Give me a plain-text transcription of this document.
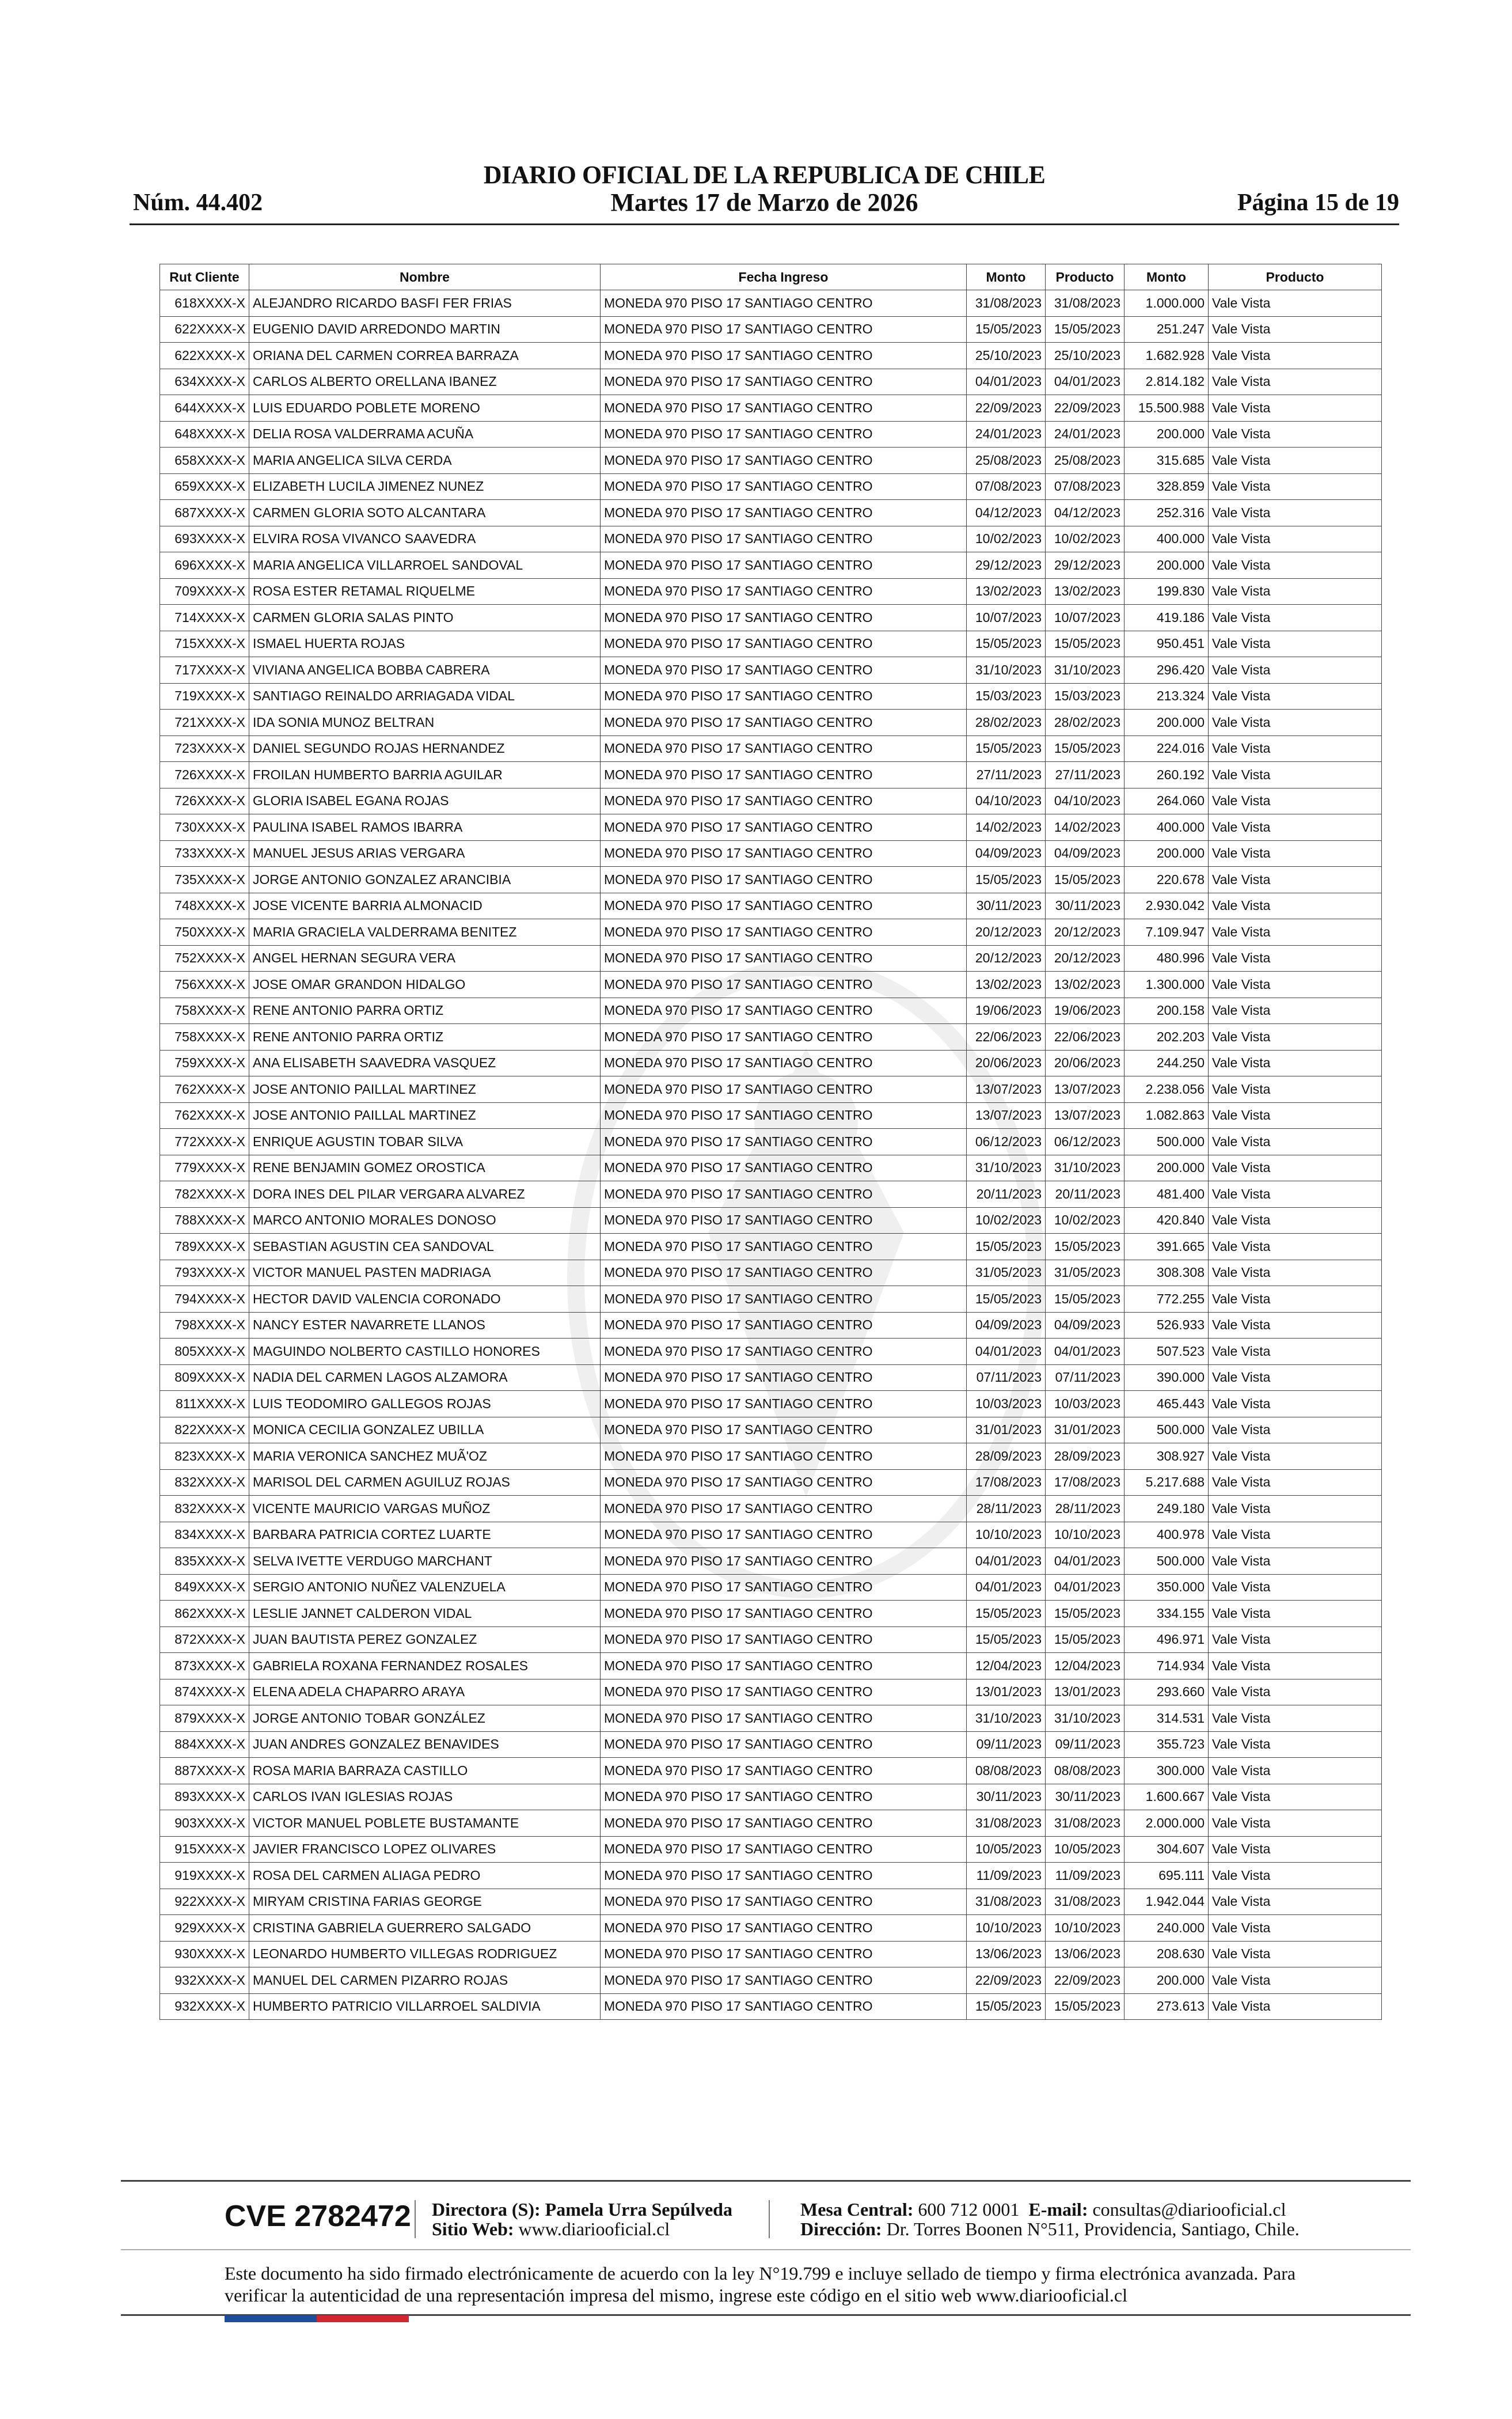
DIARIO OFICIAL DE LA REPUBLICA DE CHILE
Martes 17 de Marzo de 2026
Núm. 44.402	Página 15 de 19
Rut Cliente	Nombre	Fecha Ingreso	Monto	Producto	Monto	Producto
618XXXX-X	ALEJANDRO RICARDO BASFI FER FRIAS	MONEDA 970 PISO 17 SANTIAGO CENTRO	31/08/2023	31/08/2023	1.000.000	Vale Vista
622XXXX-X	EUGENIO DAVID ARREDONDO MARTIN	MONEDA 970 PISO 17 SANTIAGO CENTRO	15/05/2023	15/05/2023	251.247	Vale Vista
622XXXX-X	ORIANA DEL CARMEN CORREA BARRAZA	MONEDA 970 PISO 17 SANTIAGO CENTRO	25/10/2023	25/10/2023	1.682.928	Vale Vista
634XXXX-X	CARLOS ALBERTO ORELLANA IBANEZ	MONEDA 970 PISO 17 SANTIAGO CENTRO	04/01/2023	04/01/2023	2.814.182	Vale Vista
644XXXX-X	LUIS EDUARDO POBLETE MORENO	MONEDA 970 PISO 17 SANTIAGO CENTRO	22/09/2023	22/09/2023	15.500.988	Vale Vista
648XXXX-X	DELIA ROSA VALDERRAMA ACUÑA	MONEDA 970 PISO 17 SANTIAGO CENTRO	24/01/2023	24/01/2023	200.000	Vale Vista
658XXXX-X	MARIA ANGELICA SILVA CERDA	MONEDA 970 PISO 17 SANTIAGO CENTRO	25/08/2023	25/08/2023	315.685	Vale Vista
659XXXX-X	ELIZABETH LUCILA JIMENEZ NUNEZ	MONEDA 970 PISO 17 SANTIAGO CENTRO	07/08/2023	07/08/2023	328.859	Vale Vista
687XXXX-X	CARMEN GLORIA SOTO ALCANTARA	MONEDA 970 PISO 17 SANTIAGO CENTRO	04/12/2023	04/12/2023	252.316	Vale Vista
693XXXX-X	ELVIRA ROSA VIVANCO SAAVEDRA	MONEDA 970 PISO 17 SANTIAGO CENTRO	10/02/2023	10/02/2023	400.000	Vale Vista
696XXXX-X	MARIA ANGELICA VILLARROEL SANDOVAL	MONEDA 970 PISO 17 SANTIAGO CENTRO	29/12/2023	29/12/2023	200.000	Vale Vista
709XXXX-X	ROSA ESTER RETAMAL RIQUELME	MONEDA 970 PISO 17 SANTIAGO CENTRO	13/02/2023	13/02/2023	199.830	Vale Vista
714XXXX-X	CARMEN GLORIA SALAS PINTO	MONEDA 970 PISO 17 SANTIAGO CENTRO	10/07/2023	10/07/2023	419.186	Vale Vista
715XXXX-X	ISMAEL HUERTA ROJAS	MONEDA 970 PISO 17 SANTIAGO CENTRO	15/05/2023	15/05/2023	950.451	Vale Vista
717XXXX-X	VIVIANA ANGELICA BOBBA CABRERA	MONEDA 970 PISO 17 SANTIAGO CENTRO	31/10/2023	31/10/2023	296.420	Vale Vista
719XXXX-X	SANTIAGO REINALDO ARRIAGADA VIDAL	MONEDA 970 PISO 17 SANTIAGO CENTRO	15/03/2023	15/03/2023	213.324	Vale Vista
721XXXX-X	IDA SONIA MUNOZ BELTRAN	MONEDA 970 PISO 17 SANTIAGO CENTRO	28/02/2023	28/02/2023	200.000	Vale Vista
723XXXX-X	DANIEL SEGUNDO ROJAS HERNANDEZ	MONEDA 970 PISO 17 SANTIAGO CENTRO	15/05/2023	15/05/2023	224.016	Vale Vista
726XXXX-X	FROILAN HUMBERTO BARRIA AGUILAR	MONEDA 970 PISO 17 SANTIAGO CENTRO	27/11/2023	27/11/2023	260.192	Vale Vista
726XXXX-X	GLORIA ISABEL EGANA ROJAS	MONEDA 970 PISO 17 SANTIAGO CENTRO	04/10/2023	04/10/2023	264.060	Vale Vista
730XXXX-X	PAULINA ISABEL RAMOS IBARRA	MONEDA 970 PISO 17 SANTIAGO CENTRO	14/02/2023	14/02/2023	400.000	Vale Vista
733XXXX-X	MANUEL JESUS ARIAS VERGARA	MONEDA 970 PISO 17 SANTIAGO CENTRO	04/09/2023	04/09/2023	200.000	Vale Vista
735XXXX-X	JORGE ANTONIO GONZALEZ ARANCIBIA	MONEDA 970 PISO 17 SANTIAGO CENTRO	15/05/2023	15/05/2023	220.678	Vale Vista
748XXXX-X	JOSE VICENTE BARRIA ALMONACID	MONEDA 970 PISO 17 SANTIAGO CENTRO	30/11/2023	30/11/2023	2.930.042	Vale Vista
750XXXX-X	MARIA GRACIELA VALDERRAMA BENITEZ	MONEDA 970 PISO 17 SANTIAGO CENTRO	20/12/2023	20/12/2023	7.109.947	Vale Vista
752XXXX-X	ANGEL HERNAN SEGURA VERA	MONEDA 970 PISO 17 SANTIAGO CENTRO	20/12/2023	20/12/2023	480.996	Vale Vista
756XXXX-X	JOSE OMAR GRANDON HIDALGO	MONEDA 970 PISO 17 SANTIAGO CENTRO	13/02/2023	13/02/2023	1.300.000	Vale Vista
758XXXX-X	RENE ANTONIO PARRA ORTIZ	MONEDA 970 PISO 17 SANTIAGO CENTRO	19/06/2023	19/06/2023	200.158	Vale Vista
758XXXX-X	RENE ANTONIO PARRA ORTIZ	MONEDA 970 PISO 17 SANTIAGO CENTRO	22/06/2023	22/06/2023	202.203	Vale Vista
759XXXX-X	ANA ELISABETH SAAVEDRA VASQUEZ	MONEDA 970 PISO 17 SANTIAGO CENTRO	20/06/2023	20/06/2023	244.250	Vale Vista
762XXXX-X	JOSE ANTONIO PAILLAL MARTINEZ	MONEDA 970 PISO 17 SANTIAGO CENTRO	13/07/2023	13/07/2023	2.238.056	Vale Vista
762XXXX-X	JOSE ANTONIO PAILLAL MARTINEZ	MONEDA 970 PISO 17 SANTIAGO CENTRO	13/07/2023	13/07/2023	1.082.863	Vale Vista
772XXXX-X	ENRIQUE AGUSTIN TOBAR SILVA	MONEDA 970 PISO 17 SANTIAGO CENTRO	06/12/2023	06/12/2023	500.000	Vale Vista
779XXXX-X	RENE BENJAMIN GOMEZ OROSTICA	MONEDA 970 PISO 17 SANTIAGO CENTRO	31/10/2023	31/10/2023	200.000	Vale Vista
782XXXX-X	DORA INES DEL PILAR VERGARA ALVAREZ	MONEDA 970 PISO 17 SANTIAGO CENTRO	20/11/2023	20/11/2023	481.400	Vale Vista
788XXXX-X	MARCO ANTONIO MORALES DONOSO	MONEDA 970 PISO 17 SANTIAGO CENTRO	10/02/2023	10/02/2023	420.840	Vale Vista
789XXXX-X	SEBASTIAN AGUSTIN CEA SANDOVAL	MONEDA 970 PISO 17 SANTIAGO CENTRO	15/05/2023	15/05/2023	391.665	Vale Vista
793XXXX-X	VICTOR MANUEL PASTEN MADRIAGA	MONEDA 970 PISO 17 SANTIAGO CENTRO	31/05/2023	31/05/2023	308.308	Vale Vista
794XXXX-X	HECTOR DAVID VALENCIA CORONADO	MONEDA 970 PISO 17 SANTIAGO CENTRO	15/05/2023	15/05/2023	772.255	Vale Vista
798XXXX-X	NANCY ESTER NAVARRETE LLANOS	MONEDA 970 PISO 17 SANTIAGO CENTRO	04/09/2023	04/09/2023	526.933	Vale Vista
805XXXX-X	MAGUINDO NOLBERTO CASTILLO HONORES	MONEDA 970 PISO 17 SANTIAGO CENTRO	04/01/2023	04/01/2023	507.523	Vale Vista
809XXXX-X	NADIA DEL CARMEN LAGOS ALZAMORA	MONEDA 970 PISO 17 SANTIAGO CENTRO	07/11/2023	07/11/2023	390.000	Vale Vista
811XXXX-X	LUIS TEODOMIRO GALLEGOS ROJAS	MONEDA 970 PISO 17 SANTIAGO CENTRO	10/03/2023	10/03/2023	465.443	Vale Vista
822XXXX-X	MONICA CECILIA GONZALEZ UBILLA	MONEDA 970 PISO 17 SANTIAGO CENTRO	31/01/2023	31/01/2023	500.000	Vale Vista
823XXXX-X	MARIA VERONICA SANCHEZ MUÃ'OZ	MONEDA 970 PISO 17 SANTIAGO CENTRO	28/09/2023	28/09/2023	308.927	Vale Vista
832XXXX-X	MARISOL DEL CARMEN AGUILUZ ROJAS	MONEDA 970 PISO 17 SANTIAGO CENTRO	17/08/2023	17/08/2023	5.217.688	Vale Vista
832XXXX-X	VICENTE MAURICIO VARGAS MUÑOZ	MONEDA 970 PISO 17 SANTIAGO CENTRO	28/11/2023	28/11/2023	249.180	Vale Vista
834XXXX-X	BARBARA PATRICIA CORTEZ LUARTE	MONEDA 970 PISO 17 SANTIAGO CENTRO	10/10/2023	10/10/2023	400.978	Vale Vista
835XXXX-X	SELVA IVETTE VERDUGO MARCHANT	MONEDA 970 PISO 17 SANTIAGO CENTRO	04/01/2023	04/01/2023	500.000	Vale Vista
849XXXX-X	SERGIO ANTONIO NUÑEZ VALENZUELA	MONEDA 970 PISO 17 SANTIAGO CENTRO	04/01/2023	04/01/2023	350.000	Vale Vista
862XXXX-X	LESLIE JANNET CALDERON VIDAL	MONEDA 970 PISO 17 SANTIAGO CENTRO	15/05/2023	15/05/2023	334.155	Vale Vista
872XXXX-X	JUAN BAUTISTA PEREZ GONZALEZ	MONEDA 970 PISO 17 SANTIAGO CENTRO	15/05/2023	15/05/2023	496.971	Vale Vista
873XXXX-X	GABRIELA ROXANA FERNANDEZ ROSALES	MONEDA 970 PISO 17 SANTIAGO CENTRO	12/04/2023	12/04/2023	714.934	Vale Vista
874XXXX-X	ELENA ADELA CHAPARRO ARAYA	MONEDA 970 PISO 17 SANTIAGO CENTRO	13/01/2023	13/01/2023	293.660	Vale Vista
879XXXX-X	JORGE ANTONIO TOBAR GONZÁLEZ	MONEDA 970 PISO 17 SANTIAGO CENTRO	31/10/2023	31/10/2023	314.531	Vale Vista
884XXXX-X	JUAN ANDRES GONZALEZ BENAVIDES	MONEDA 970 PISO 17 SANTIAGO CENTRO	09/11/2023	09/11/2023	355.723	Vale Vista
887XXXX-X	ROSA MARIA BARRAZA CASTILLO	MONEDA 970 PISO 17 SANTIAGO CENTRO	08/08/2023	08/08/2023	300.000	Vale Vista
893XXXX-X	CARLOS IVAN IGLESIAS ROJAS	MONEDA 970 PISO 17 SANTIAGO CENTRO	30/11/2023	30/11/2023	1.600.667	Vale Vista
903XXXX-X	VICTOR MANUEL POBLETE BUSTAMANTE	MONEDA 970 PISO 17 SANTIAGO CENTRO	31/08/2023	31/08/2023	2.000.000	Vale Vista
915XXXX-X	JAVIER FRANCISCO LOPEZ OLIVARES	MONEDA 970 PISO 17 SANTIAGO CENTRO	10/05/2023	10/05/2023	304.607	Vale Vista
919XXXX-X	ROSA DEL CARMEN ALIAGA PEDRO	MONEDA 970 PISO 17 SANTIAGO CENTRO	11/09/2023	11/09/2023	695.111	Vale Vista
922XXXX-X	MIRYAM CRISTINA FARIAS GEORGE	MONEDA 970 PISO 17 SANTIAGO CENTRO	31/08/2023	31/08/2023	1.942.044	Vale Vista
929XXXX-X	CRISTINA GABRIELA GUERRERO SALGADO	MONEDA 970 PISO 17 SANTIAGO CENTRO	10/10/2023	10/10/2023	240.000	Vale Vista
930XXXX-X	LEONARDO HUMBERTO VILLEGAS RODRIGUEZ	MONEDA 970 PISO 17 SANTIAGO CENTRO	13/06/2023	13/06/2023	208.630	Vale Vista
932XXXX-X	MANUEL DEL CARMEN PIZARRO ROJAS	MONEDA 970 PISO 17 SANTIAGO CENTRO	22/09/2023	22/09/2023	200.000	Vale Vista
932XXXX-X	HUMBERTO PATRICIO VILLARROEL SALDIVIA	MONEDA 970 PISO 17 SANTIAGO CENTRO	15/05/2023	15/05/2023	273.613	Vale Vista
CVE 2782472 Directora (S): Pamela Urra Sepúlveda
Sitio Web: www.diariooficial.cl
Mesa Central: 600 712 0001 E-mail: consultas@diariooficial.cl
Dirección: Dr. Torres Boonen N°511, Providencia, Santiago, Chile.
Este documento ha sido firmado electrónicamente de acuerdo con la ley N°19.799 e incluye sellado de tiempo y firma electrónica avanzada. Para verificar la autenticidad de una representación impresa del mismo, ingrese este código en el sitio web www.diariooficial.cl
